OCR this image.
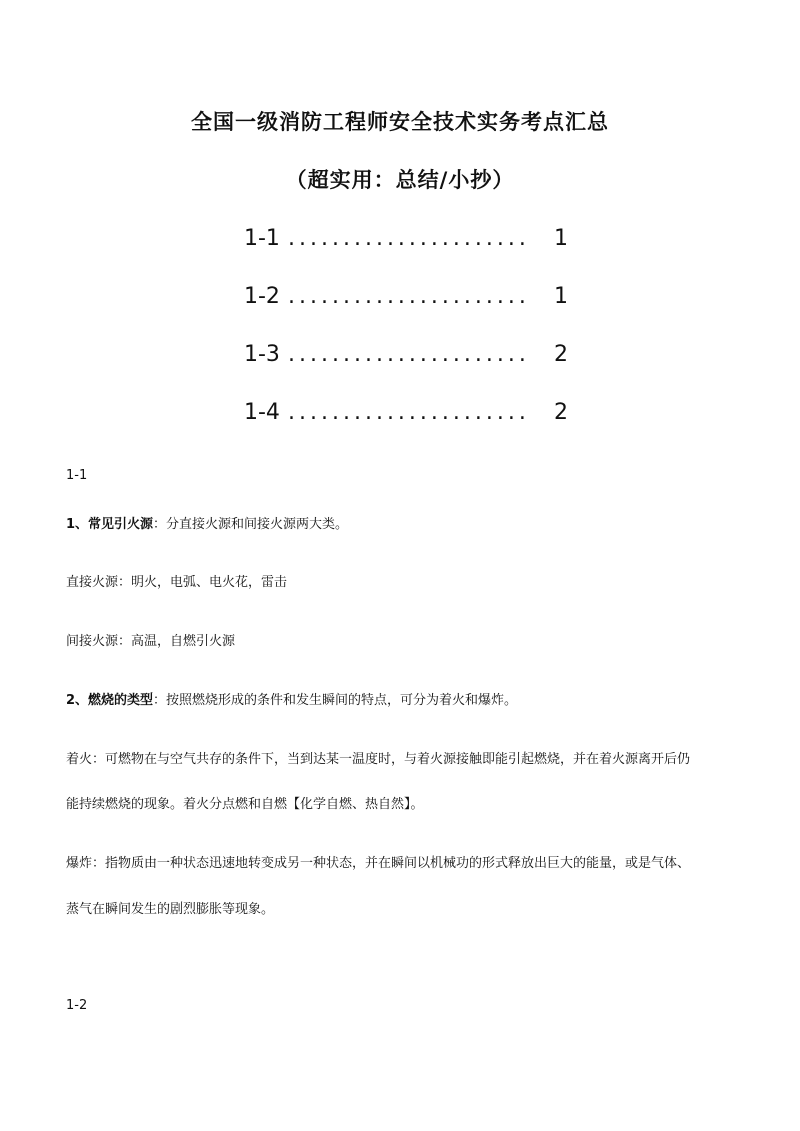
全国一级消防工程师安全技术实务考点汇总
（超实用：总结/小抄）
......................
1-1	1
......................
1-2	1
......................
1-3	2
......................
1-4	2
1-1
1、常见引火源：分直接火源和间接火源两大类。
直接火源：明火，电弧、电火花，雷击
间接火源：高温，自燃引火源
2、燃烧的类型：按照燃烧形成的条件和发生瞬间的特点，可分为着火和爆炸。
着火：可燃物在与空气共存的条件下，当到达某一温度时，与着火源接触即能引起燃烧，并在着火源离开后仍
能持续燃烧的现象。着火分点燃和自燃【化学自燃、热自然】。
爆炸：指物质由一种状态迅速地转变成另一种状态，并在瞬间以机械功的形式释放出巨大的能量，或是气体、
蒸气在瞬间发生的剧烈膨胀等现象。
1-2
